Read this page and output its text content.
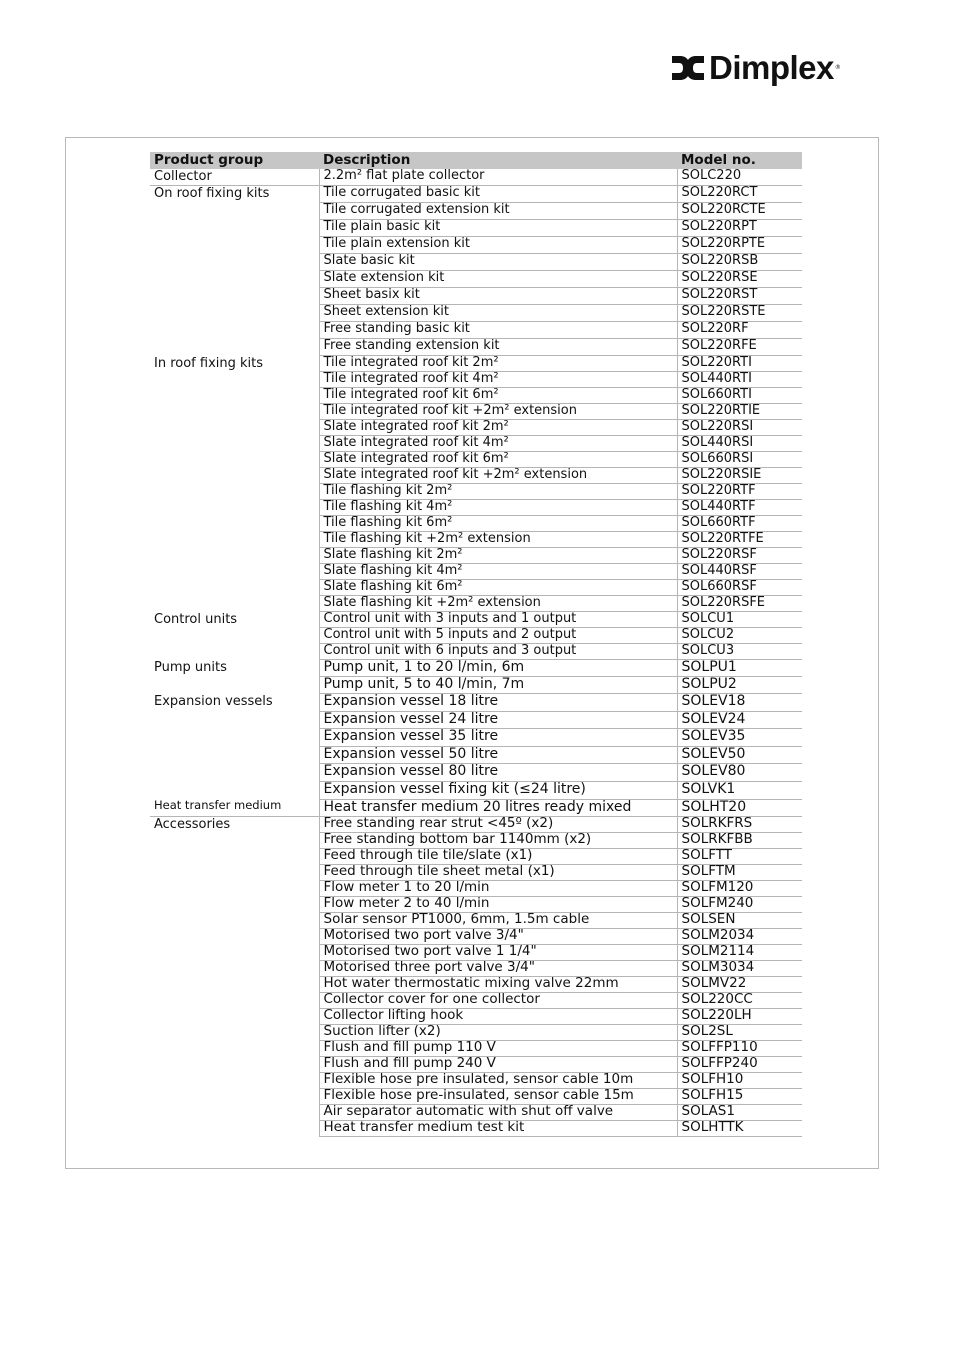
Dimplex ®
Product group	Description	Model no.
Collector	2.2m² flat plate collector	SOLC220
On roof fixing kits	Tile corrugated basic kit	SOL220RCT
	Tile corrugated extension kit	SOL220RCTE
	Tile plain basic kit	SOL220RPT
	Tile plain extension kit	SOL220RPTE
	Slate basic kit	SOL220RSB
	Slate extension kit	SOL220RSE
	Sheet basix kit	SOL220RST
	Sheet extension kit	SOL220RSTE
	Free standing basic kit	SOL220RF
	Free standing extension kit	SOL220RFE
In roof fixing kits	Tile integrated roof kit 2m²	SOL220RTI
	Tile integrated roof kit 4m²	SOL440RTI
	Tile integrated roof kit 6m²	SOL660RTI
	Tile integrated roof kit +2m² extension	SOL220RTIE
	Slate integrated roof kit 2m²	SOL220RSI
	Slate integrated roof kit 4m²	SOL440RSI
	Slate integrated roof kit 6m²	SOL660RSI
	Slate integrated roof kit +2m² extension	SOL220RSIE
	Tile flashing kit 2m²	SOL220RTF
	Tile flashing kit 4m²	SOL440RTF
	Tile flashing kit 6m²	SOL660RTF
	Tile flashing kit +2m² extension	SOL220RTFE
	Slate flashing kit 2m²	SOL220RSF
	Slate flashing kit 4m²	SOL440RSF
	Slate flashing kit 6m²	SOL660RSF
	Slate flashing kit +2m² extension	SOL220RSFE
Control units	Control unit with 3 inputs and 1 output	SOLCU1
	Control unit with 5 inputs and 2 output	SOLCU2
	Control unit with 6 inputs and 3 output	SOLCU3
Pump units	Pump unit, 1 to 20 l/min, 6m	SOLPU1
	Pump unit, 5 to 40 l/min, 7m	SOLPU2
Expansion vessels	Expansion vessel 18 litre	SOLEV18
	Expansion vessel 24 litre	SOLEV24
	Expansion vessel 35 litre	SOLEV35
	Expansion vessel 50 litre	SOLEV50
	Expansion vessel 80 litre	SOLEV80
	Expansion vessel fixing kit (≤24 litre)	SOLVK1
Heat transfer medium	Heat transfer medium 20 litres ready mixed	SOLHT20
Accessories	Free standing rear strut <45º (x2)	SOLRKFRS
	Free standing bottom bar 1140mm (x2)	SOLRKFBB
	Feed through tile tile/slate (x1)	SOLFTT
	Feed through tile sheet metal (x1)	SOLFTM
	Flow meter 1 to 20 l/min	SOLFM120
	Flow meter 2 to 40 l/min	SOLFM240
	Solar sensor PT1000, 6mm, 1.5m cable	SOLSEN
	Motorised two port valve 3/4"	SOLM2034
	Motorised two port valve 1 1/4"	SOLM2114
	Motorised three port valve 3/4"	SOLM3034
	Hot water thermostatic mixing valve 22mm	SOLMV22
	Collector cover for one collector	SOL220CC
	Collector lifting hook	SOL220LH
	Suction lifter (x2)	SOL2SL
	Flush and fill pump 110 V	SOLFFP110
	Flush and fill pump 240 V	SOLFFP240
	Flexible hose pre insulated, sensor cable 10m	SOLFH10
	Flexible hose pre-insulated, sensor cable 15m	SOLFH15
	Air separator automatic with shut off valve	SOLAS1
	Heat transfer medium test kit	SOLHTTK
